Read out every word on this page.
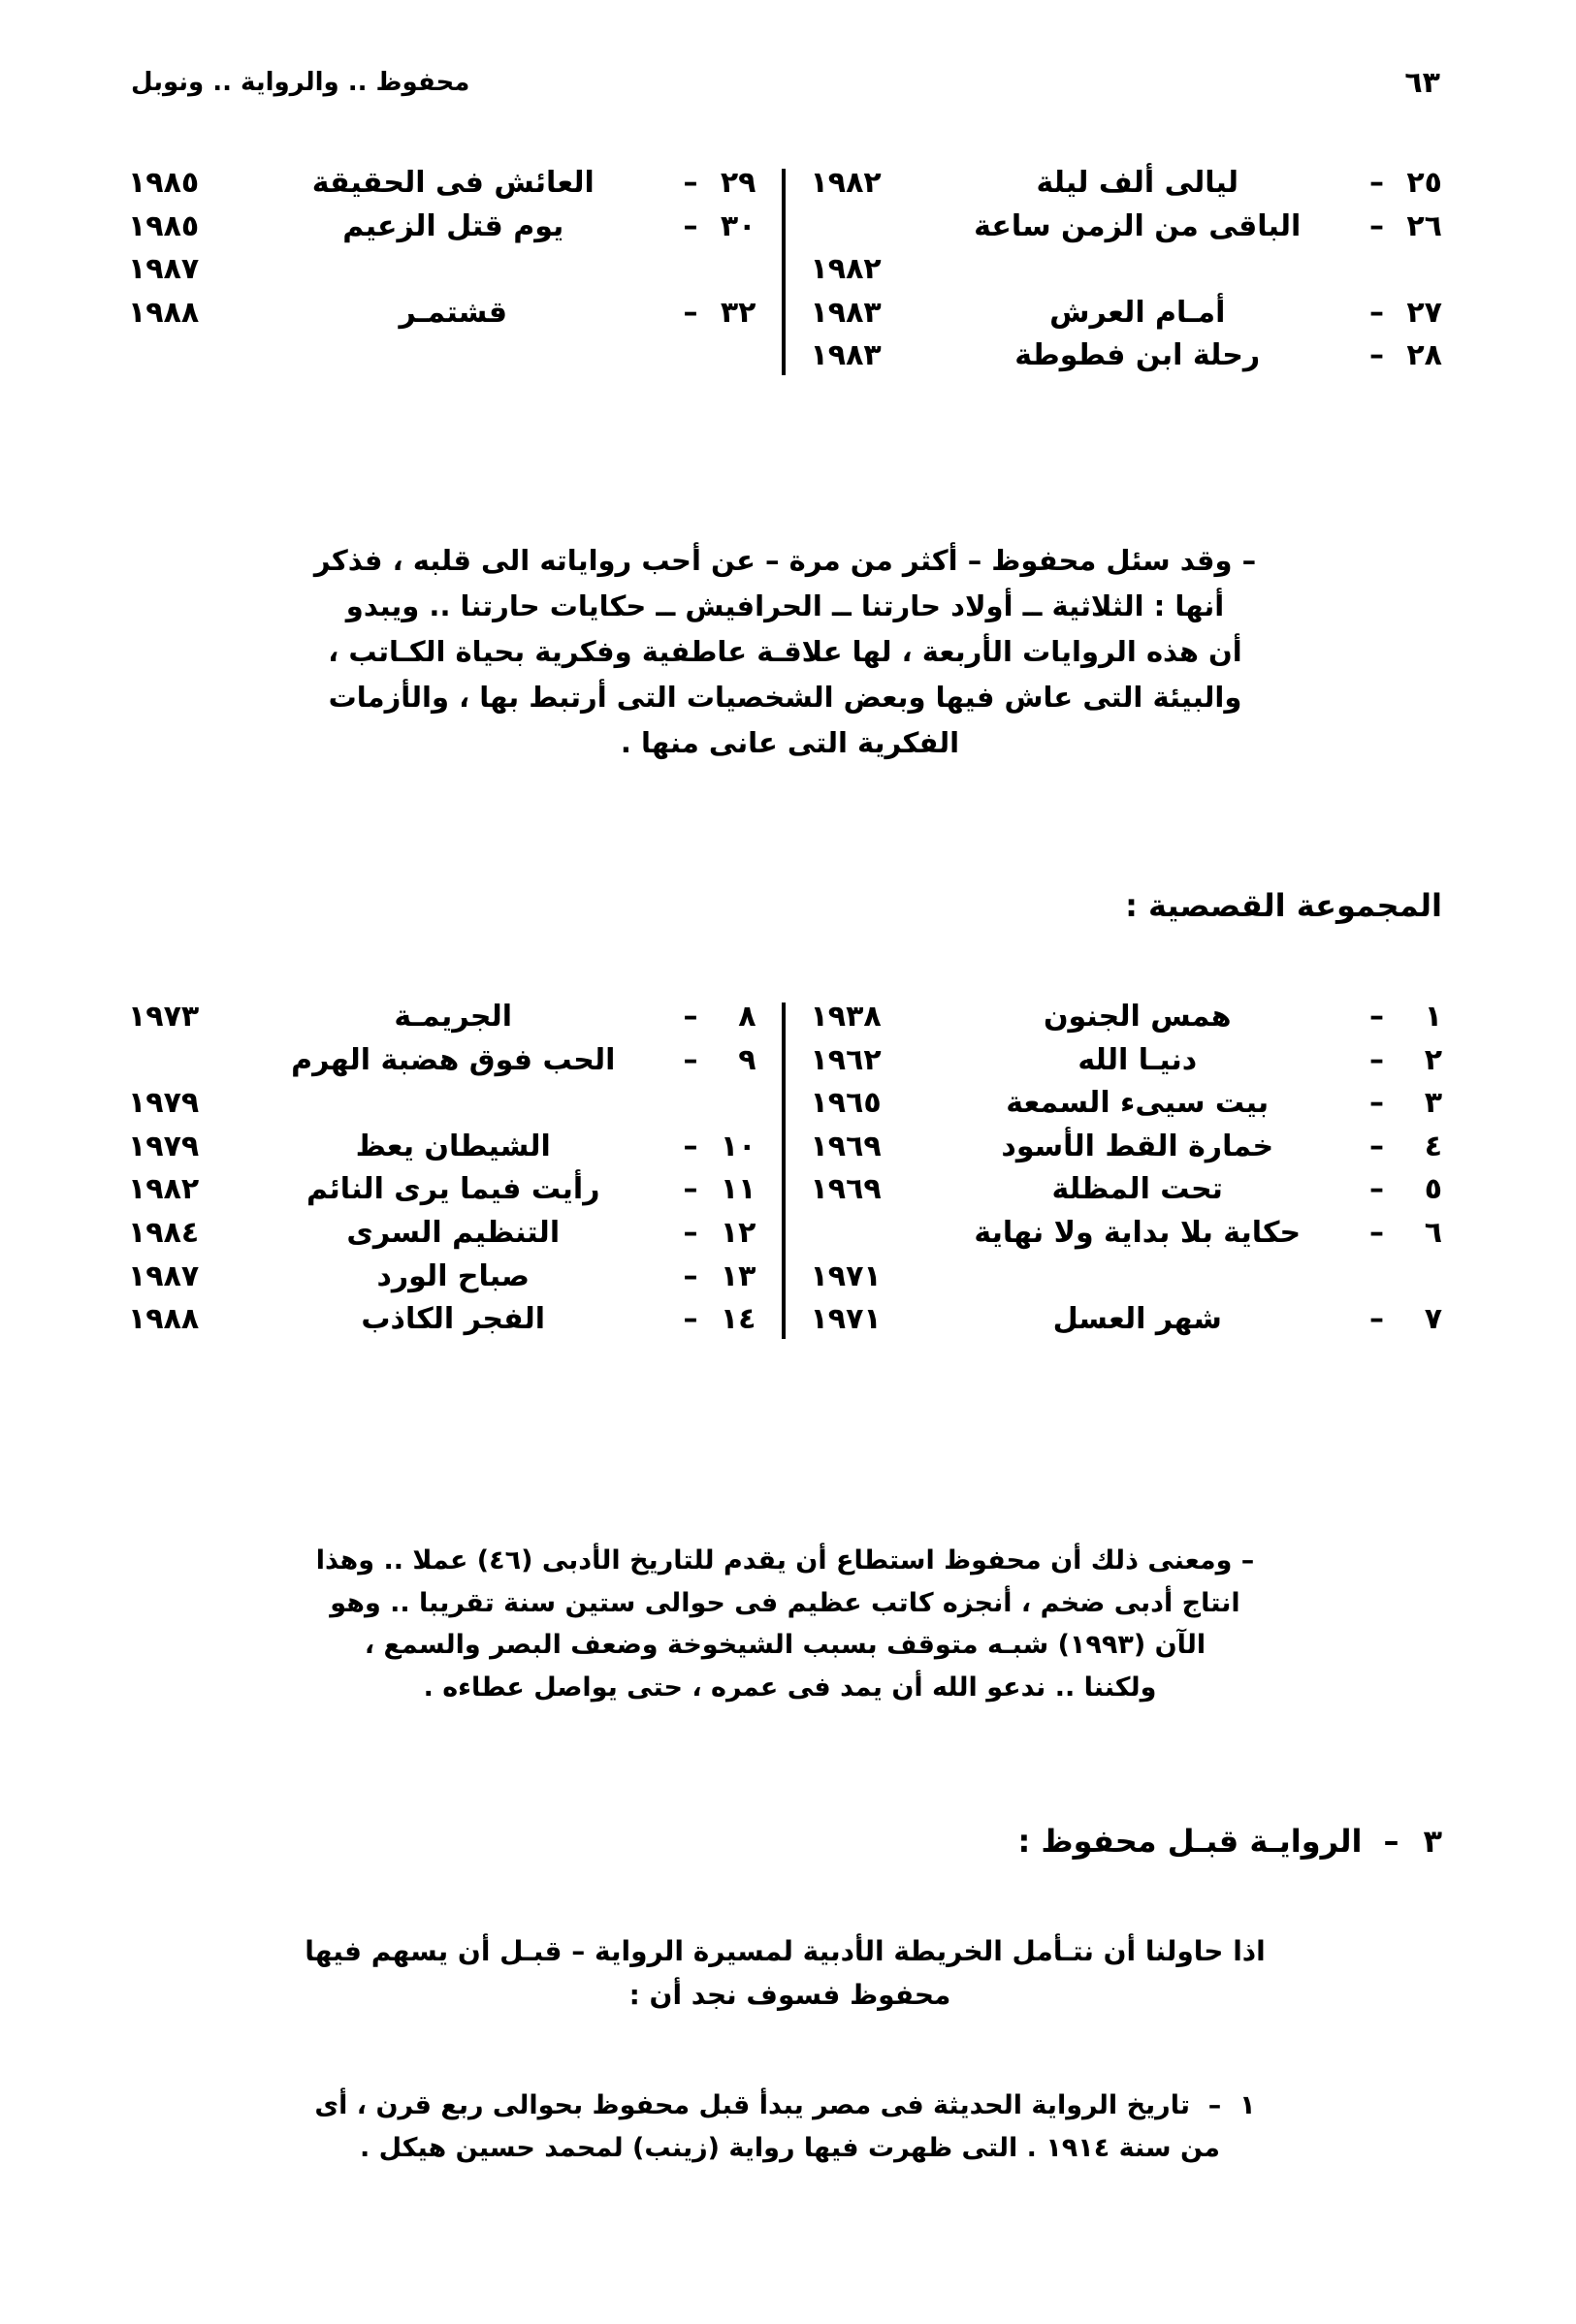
٦٣
محفوظ .. والرواية .. ونوبل
٢٥
–
ليالى ألف ليلة
١٩٨٢
٢٦
–
الباقى من الزمن ساعة
١٩٨٢
٢٧
–
أمـام العرش
١٩٨٣
٢٨
–
رحلة ابن فطوطة
١٩٨٣
٢٩
–
العائش فى الحقيقة
١٩٨٥
٣٠
–
يوم قتل الزعيم
١٩٨٥
١٩٨٧
٣٢
–
قشتمـر
١٩٨٨
– وقد سئل محفوظ – أكثر من مرة – عن أحب رواياته الى قلبه ، فذكر
أنها : الثلاثية ــ أولاد حارتنا ــ الحرافيش ــ حكايات حارتنا .. ويبدو
أن هذه الروايات الأربعة ، لها علاقـة عاطفية وفكرية بحياة الكـاتب ،
والبيئة التى عاش فيها وبعض الشخصيات التى أرتبط بها ، والأزمات
الفكرية التى عانى منها .
المجموعة القصصية :
١
–
همس الجنون
١٩٣٨
٢
–
دنيـا الله
١٩٦٢
٣
–
بيت سيىء السمعة
١٩٦٥
٤
–
خمارة القط الأسود
١٩٦٩
٥
–
تحت المظلة
١٩٦٩
٦
–
حكاية بلا بداية ولا نهاية
١٩٧١
٧
–
شهر العسل
١٩٧١
٨
–
الجريمـة
١٩٧٣
٩
–
الحب فوق هضبة الهرم
١٩٧٩
١٠
–
الشيطان يعظ
١٩٧٩
١١
–
رأيت فيما يرى النائم
١٩٨٢
١٢
–
التنظيم السرى
١٩٨٤
١٣
–
صباح الورد
١٩٨٧
١٤
–
الفجر الكاذب
١٩٨٨
– ومعنى ذلك أن محفوظ استطاع أن يقدم للتاريخ الأدبى (٤٦) عملا .. وهذا
انتاج أدبى ضخم ، أنجزه كاتب عظيم فى حوالى ستين سنة تقريبا .. وهو
الآن (١٩٩٣) شبـه متوقف بسبب الشيخوخة وضعف البصر والسمع ،
ولكننا .. ندعو الله أن يمد فى عمره ، حتى يواصل عطاءه .
٣
–
الروايـة قبـل محفوظ :
اذا حاولنا أن نتـأمل الخريطة الأدبية لمسيرة الرواية – قبـل أن يسهم فيها
محفوظ فسوف نجد أن :
١  –  تاريخ الرواية الحديثة فى مصر يبدأ قبل محفوظ بحوالى ربع قرن ، أى
من سنة ١٩١٤ . التى ظهرت فيها رواية (زينب) لمحمد حسين هيكل .
